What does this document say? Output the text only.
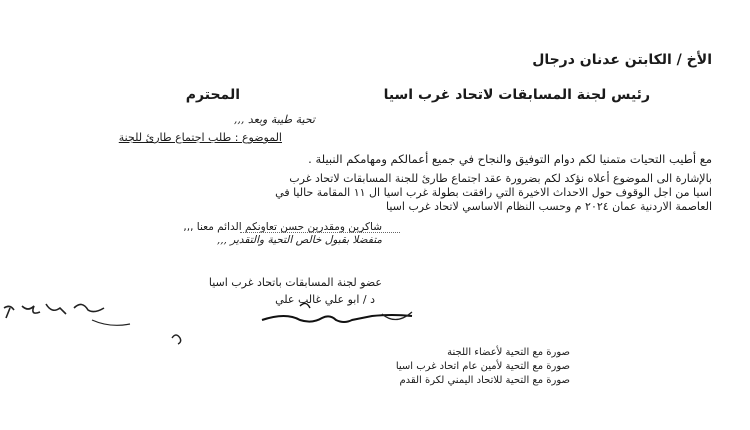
الأخ / الكابتن عدنان درجال
رئيس لجنة المسابقات لاتحاد غرب اسيا
المحترم
تحية طيبة وبعد ,,,
الموضوع : طلب اجتماع طارئ للجنة
مع أطيب التحيات متمنيا لكم دوام التوفيق والنجاح في جميع أعمالكم ومهامكم النبيلة .
بالإشارة الى الموضوع أعلاه نؤكد لكم بضرورة عقد اجتماع طارئ للجنة المسابقات لاتحاد غرب
اسيا من اجل الوقوف حول الاحداث الاخيرة التي رافقت بطولة غرب اسيا ال ١١ المقامة حاليا في
العاصمة الاردنية عمان ٢٠٢٤ م وحسب النظام الاساسي لاتحاد غرب اسيا
شاكرين ومقدرين حسن تعاونكم الدائم معنا ,,,
متفضلا بقبول خالص التحية والتقدير ,,,
عضو لجنة المسابقات باتحاد غرب اسيا
د / ابو علي غالب علي
صورة مع التحية لأعضاء اللجنة
صورة مع التحية لأمين عام اتحاد غرب اسيا
صورة مع التحية للاتحاد اليمني لكرة القدم
